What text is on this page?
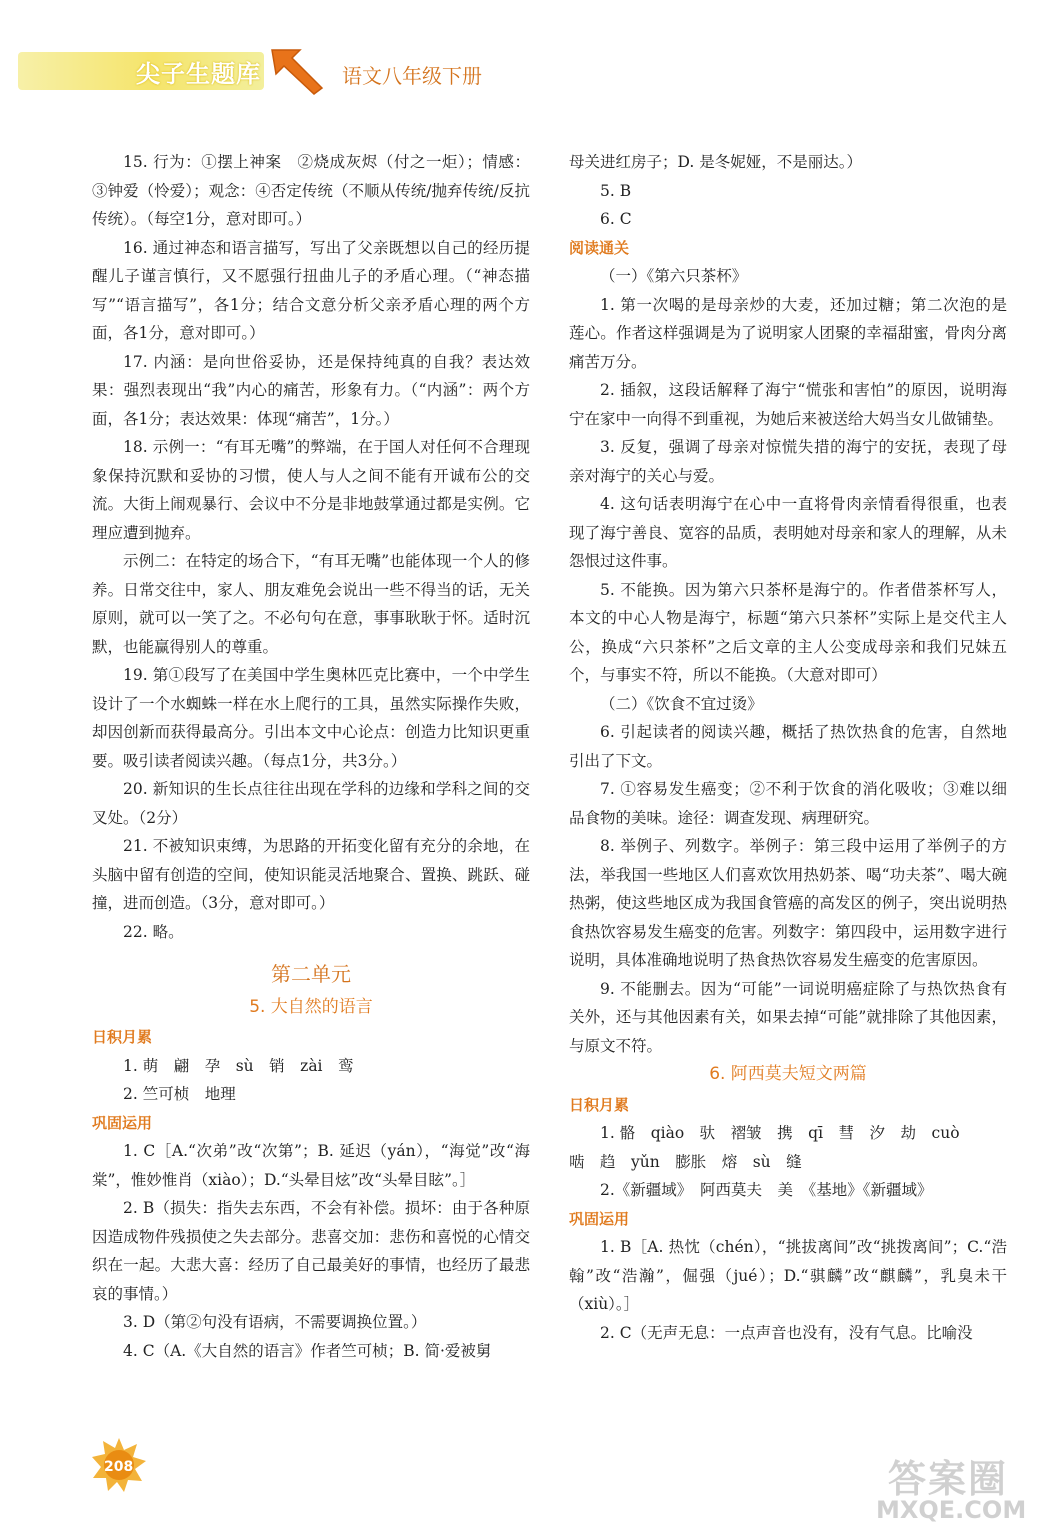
尖子生题库	语文八年级下册

15. 行为：①摆上神案　②烧成灰烬（付之一炬）；情感：③钟爱（怜爱）；观念：④否定传统（不顺从传统/抛弃传统/反抗传统）。（每空1分，意对即可。）

16. 通过神态和语言描写，写出了父亲既想以自己的经历提醒儿子谨言慎行，又不愿强行扭曲儿子的矛盾心理。（“神态描写”“语言描写”，各1分；结合文意分析父亲矛盾心理的两个方面，各1分，意对即可。）

17. 内涵：是向世俗妥协，还是保持纯真的自我？表达效果：强烈表现出“我”内心的痛苦，形象有力。（“内涵”：两个方面，各1分；表达效果：体现“痛苦”，1分。）

18. 示例一：“有耳无嘴”的弊端，在于国人对任何不合理现象保持沉默和妥协的习惯，使人与人之间不能有开诚布公的交流。大街上闹观暴行、会议中不分是非地鼓掌通过都是实例。它理应遭到抛弃。

示例二：在特定的场合下，“有耳无嘴”也能体现一个人的修养。日常交往中，家人、朋友难免会说出一些不得当的话，无关原则，就可以一笑了之。不必句句在意，事事耿耿于怀。适时沉默，也能赢得别人的尊重。

19. 第①段写了在美国中学生奥林匹克比赛中，一个中学生设计了一个水蜘蛛一样在水上爬行的工具，虽然实际操作失败，却因创新而获得最高分。引出本文中心论点：创造力比知识更重要。吸引读者阅读兴趣。（每点1分，共3分。）

20. 新知识的生长点往往出现在学科的边缘和学科之间的交叉处。（2分）

21. 不被知识束缚，为思路的开拓变化留有充分的余地，在头脑中留有创造的空间，使知识能灵活地聚合、置换、跳跃、碰撞，进而创造。（3分，意对即可。）

22. 略。

第二单元

5. 大自然的语言

日积月累

1. 萌　翩　孕　sù　销　zài　鸾

2. 竺可桢　地理

巩固运用

1. C［A.“次弟”改“次第”；B. 延迟（yán），“海觉”改“海棠”，惟妙惟肖（xiào）；D.“头晕目炫”改“头晕目眩”。］

2. B（损失：指失去东西，不会有补偿。损坏：由于各种原因造成物件残损使之失去部分。悲喜交加：悲伤和喜悦的心情交织在一起。大悲大喜：经历了自己最美好的事情，也经历了最悲哀的事情。）

3. D（第②句没有语病，不需要调换位置。）

4. C（A.《大自然的语言》作者竺可桢；B. 简·爱被舅

母关进红房子；D. 是冬妮娅，不是丽达。）

5. B

6. C

阅读通关

（一）《第六只茶杯》

1. 第一次喝的是母亲炒的大麦，还加过糖；第二次泡的是莲心。作者这样强调是为了说明家人团聚的幸福甜蜜，骨肉分离痛苦万分。

2. 插叙，这段话解释了海宁“慌张和害怕”的原因，说明海宁在家中一向得不到重视，为她后来被送给大妈当女儿做铺垫。

3. 反复，强调了母亲对惊慌失措的海宁的安抚，表现了母亲对海宁的关心与爱。

4. 这句话表明海宁在心中一直将骨肉亲情看得很重，也表现了海宁善良、宽容的品质，表明她对母亲和家人的理解，从未怨恨过这件事。

5. 不能换。因为第六只茶杯是海宁的。作者借茶杯写人，本文的中心人物是海宁，标题“第六只茶杯”实际上是交代主人公，换成“六只茶杯”之后文章的主人公变成母亲和我们兄妹五个，与事实不符，所以不能换。（大意对即可）

（二）《饮食不宜过烫》

6. 引起读者的阅读兴趣，概括了热饮热食的危害，自然地引出了下文。

7. ①容易发生癌变；②不利于饮食的消化吸收；③难以细品食物的美味。途径：调查发现、病理研究。

8. 举例子、列数字。举例子：第三段中运用了举例子的方法，举我国一些地区人们喜欢饮用热奶茶、喝“功夫茶”、喝大碗热粥，使这些地区成为我国食管癌的高发区的例子，突出说明热食热饮容易发生癌变的危害。列数字：第四段中，运用数字进行说明，具体准确地说明了热食热饮容易发生癌变的危害原因。

9. 不能删去。因为“可能”一词说明癌症除了与热饮热食有关外，还与其他因素有关，如果去掉“可能”就排除了其他因素，与原文不符。

6. 阿西莫夫短文两篇

日积月累

1. 骼　qiào　驮　褶皱　携　qī　彗　汐　劫　cuò

啮　趋　yǔn　膨胀　熔　sù　缝

2.《新疆域》　阿西莫夫　美　《基地》《新疆域》

巩固运用

1. B［A. 热忱（chén），“挑拔离间”改“挑拨离间”；C.“浩翰”改“浩瀚”，倔强（jué）；D.“骐麟”改“麒麟”，乳臭未干（xiù）。］

2. C（无声无息：一点声音也没有，没有气息。比喻没

208	答案圈
MXQE.COM
